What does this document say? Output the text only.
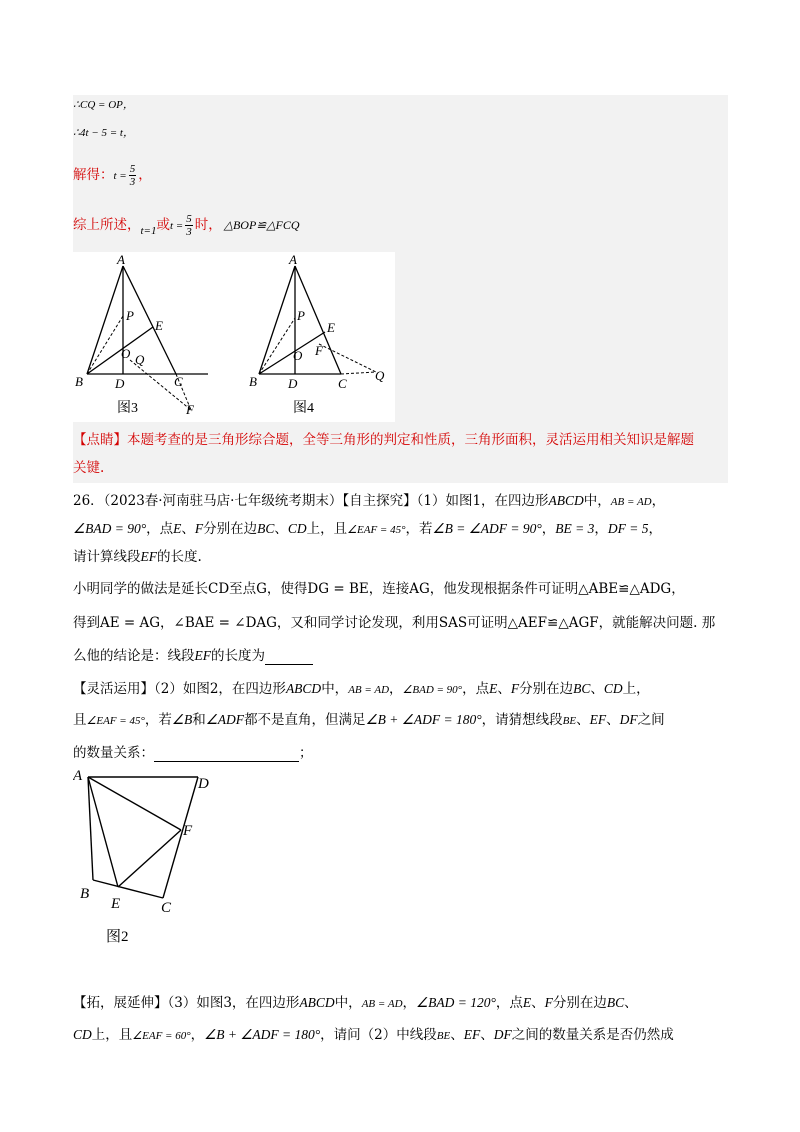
∴CQ = OP，
∴4t − 5 = t，
解得：$t = \frac{5}{3}$ ，
综上所述，$_{t=1}$或$t = \frac{5}{3}$ 时， △BOP≌△FCQ
A
P
E
O Q
B D	C
F
图3
A
P
E
F
O
Q
B D	C
图4
【点睛】本题考查的是三角形综合题，全等三角形的判定和性质，三角形面积，灵活运用相关知识是解题
关键.
26．（2023春·河南驻马店·七年级统考期末）【自主探究】（1）如图1，在四边形ABCD中，AB = AD，
∠BAD = 90°，点E、F分别在边BC、CD上，且∠EAF = 45°，若∠B = ∠ADF = 90°，BE = 3，DF = 5，
请计算线段EF的长度.
小明同学的做法是延长CD至点G，使得DG = BE，连接AG，他发现根据条件可证明△ABE≌△ADG，
得到AE = AG，∠BAE = ∠DAG，又和同学讨论发现，利用SAS可证明△AEF≌△AGF，就能解决问题. 那
么他的结论是：线段EF的长度为
【灵活运用】（2）如图2，在四边形ABCD中，AB = AD，∠BAD = 90°，点E、F分别在边BC、CD上，
且∠EAF = 45°，若∠B和∠ADF都不是直角，但满足∠B + ∠ADF = 180°，请猜想线段BE、EF、DF之间
的数量关系：	；
A	D
F
B
E	C
图2
【拓，展延伸】（3）如图3，在四边形ABCD中，AB = AD，∠BAD = 120°，点E、F分别在边BC、
CD上，且∠EAF = 60°，∠B + ∠ADF = 180°，请问（2）中线段BE、EF、DF之间的数量关系是否仍然成
